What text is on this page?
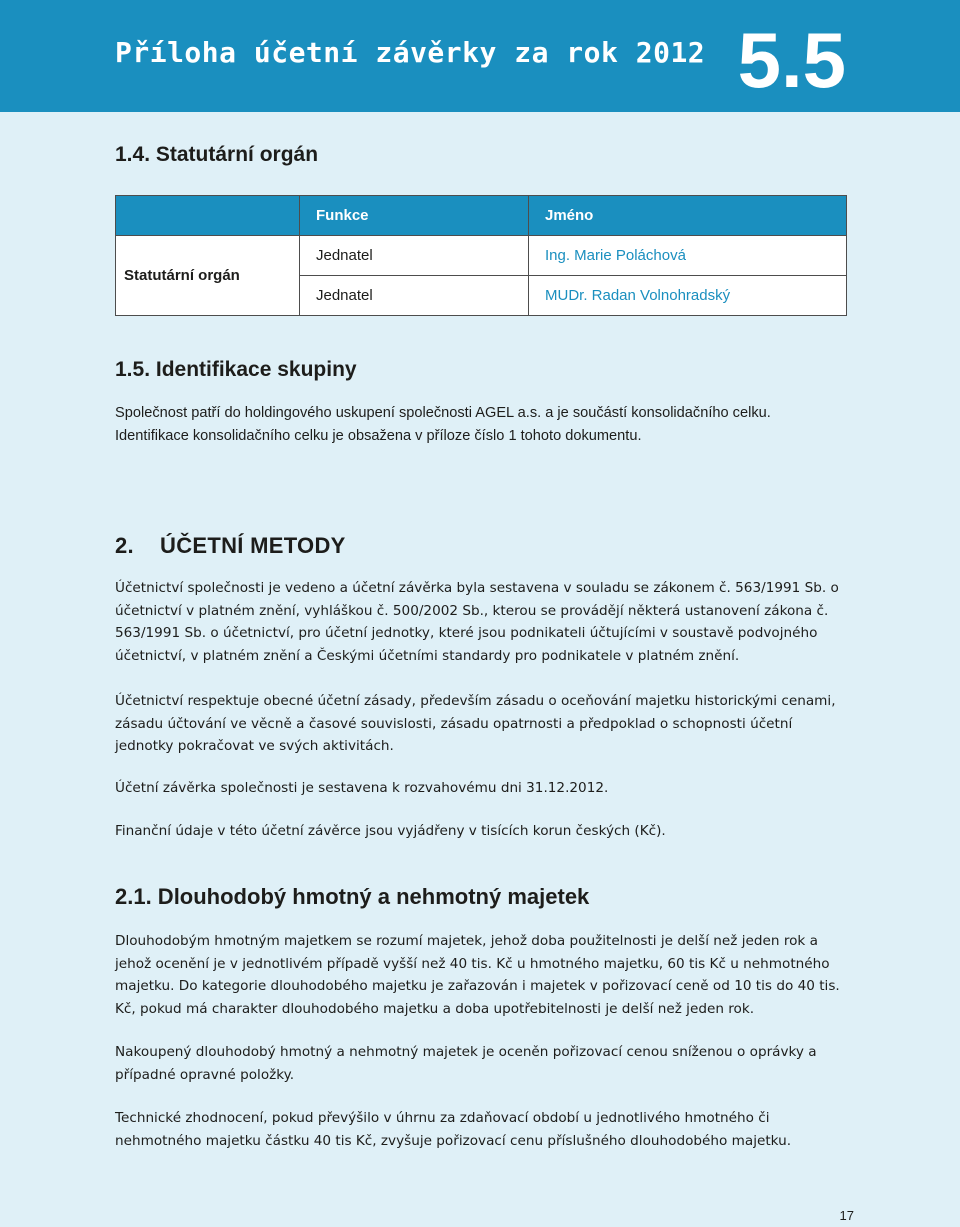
Příloha účetní závěrky za rok 2012 5.5
1.4. Statutární orgán
	Funkce	Jméno
Statutární orgán	Jednatel	Ing. Marie Poláchová
	Jednatel	MUDr. Radan Volnohradský
1.5. Identifikace skupiny

Společnost patří do holdingového uskupení společnosti AGEL a.s. a je součástí konsolidačního celku.

Identifikace konsolidačního celku je obsažena v příloze číslo 1 tohoto dokumentu.

2. ÚČETNÍ METODY

Účetnictví společnosti je vedeno a účetní závěrka byla sestavena v souladu se zákonem č. 563/1991 Sb. o účetnictví v platném znění, vyhláškou č. 500/2002 Sb., kterou se provádějí některá ustanovení zákona č. 563/1991 Sb. o účetnictví, pro účetní jednotky, které jsou podnikateli účtujícími v soustavě podvojného účetnictví, v platném znění a Českými účetními standardy pro podnikatele v platném znění.

Účetnictví respektuje obecné účetní zásady, především zásadu o oceňování majetku historickými cenami, zásadu účtování ve věcně a časové souvislosti, zásadu opatrnosti a předpoklad o schopnosti účetní jednotky pokračovat ve svých aktivitách.

Účetní závěrka společnosti je sestavena k rozvahovému dni 31.12.2012.

Finanční údaje v této účetní závěrce jsou vyjádřeny v tisících korun českých (Kč).

2.1. Dlouhodobý hmotný a nehmotný majetek

Dlouhodobým hmotným majetkem se rozumí majetek, jehož doba použitelnosti je delší než jeden rok a jehož ocenění je v jednotlivém případě vyšší než 40 tis. Kč u hmotného majetku, 60 tis Kč u nehmotného majetku. Do kategorie dlouhodobého majetku je zařazován i majetek v pořizovací ceně od 10 tis do 40 tis. Kč, pokud má charakter dlouhodobého majetku a doba upotřebitelnosti je delší než jeden rok.

Nakoupený dlouhodobý hmotný a nehmotný majetek je oceněn pořizovací cenou sníženou o oprávky a případné opravné položky.

Technické zhodnocení, pokud převýšilo v úhrnu za zdaňovací období u jednotlivého hmotného či nehmotného majetku částku 40 tis Kč, zvyšuje pořizovací cenu příslušného dlouhodobého majetku.

17
